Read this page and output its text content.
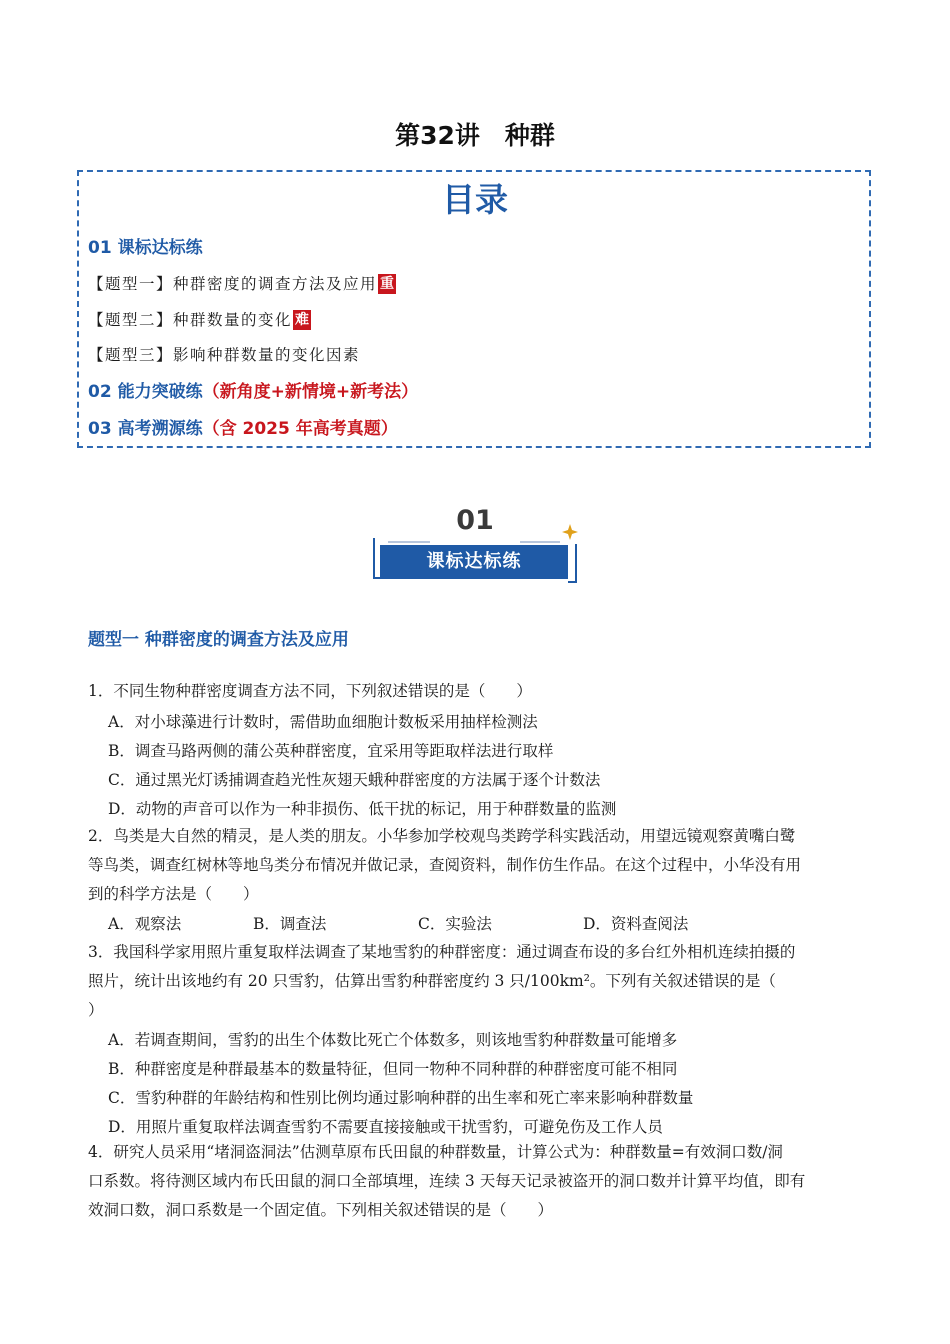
第32讲　种群
目录
01 课标达标练
【题型一】种群密度的调查方法及应用 重
【题型二】种群数量的变化 难
【题型三】影响种群数量的变化因素
02 能力突破练（新角度+新情境+新考法）
03 高考溯源练（含 2025 年高考真题）
01
课标达标练
题型一 种群密度的调查方法及应用
1．不同生物种群密度调查方法不同，下列叙述错误的是（　　）
A．对小球藻进行计数时，需借助血细胞计数板采用抽样检测法
B．调查马路两侧的蒲公英种群密度，宜采用等距取样法进行取样
C．通过黑光灯诱捕调查趋光性灰翅天蛾种群密度的方法属于逐个计数法
D．动物的声音可以作为一种非损伤、低干扰的标记，用于种群数量的监测
2．鸟类是大自然的精灵，是人类的朋友。小华参加学校观鸟类跨学科实践活动，用望远镜观察黄嘴白鹭
等鸟类，调查红树林等地鸟类分布情况并做记录，查阅资料，制作仿生作品。在这个过程中，小华没有用
到的科学方法是（　　）
A．观察法	B．调查法	C．实验法	D．资料查阅法
3．我国科学家用照片重复取样法调查了某地雪豹的种群密度：通过调查布设的多台红外相机连续拍摄的
照片，统计出该地约有 20 只雪豹，估算出雪豹种群密度约 3 只/100km²。下列有关叙述错误的是（
）
A．若调查期间，雪豹的出生个体数比死亡个体数多，则该地雪豹种群数量可能增多
B．种群密度是种群最基本的数量特征，但同一物种不同种群的种群密度可能不相同
C．雪豹种群的年龄结构和性别比例均通过影响种群的出生率和死亡率来影响种群数量
D．用照片重复取样法调查雪豹不需要直接接触或干扰雪豹，可避免伤及工作人员
4．研究人员采用“堵洞盗洞法”估测草原布氏田鼠的种群数量，计算公式为：种群数量=有效洞口数/洞
口系数。将待测区域内布氏田鼠的洞口全部填埋，连续 3 天每天记录被盗开的洞口数并计算平均值，即有
效洞口数，洞口系数是一个固定值。下列相关叙述错误的是（　　）
